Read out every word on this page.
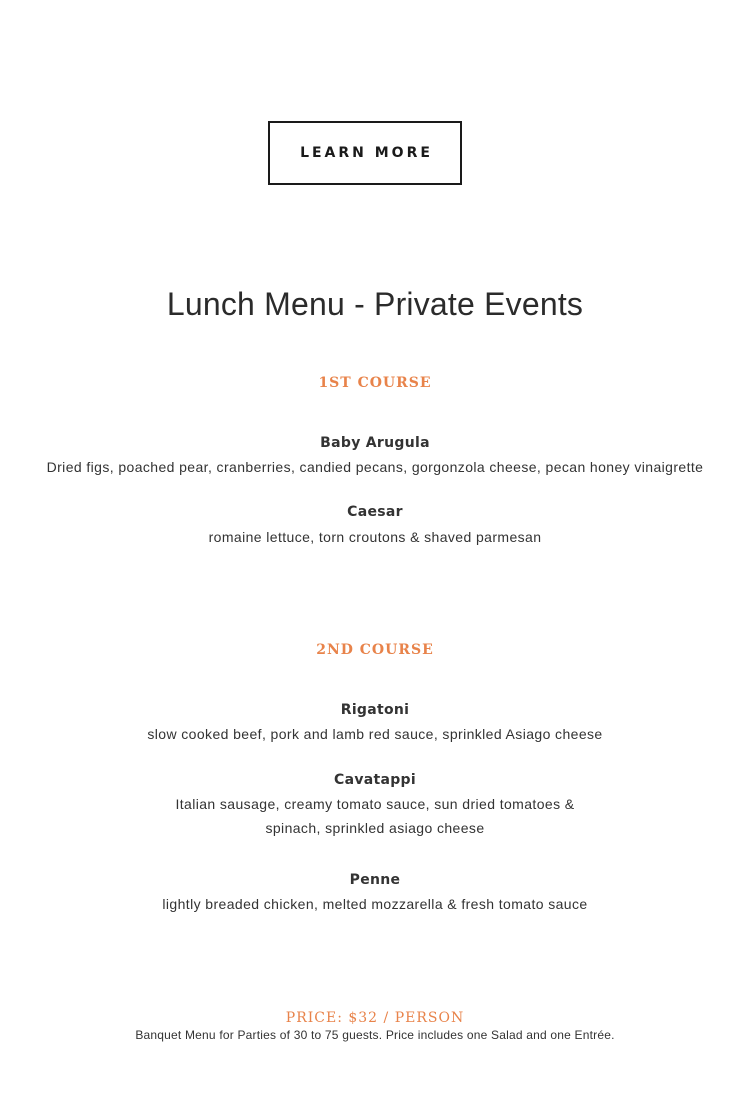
LEARN MORE
Lunch Menu - Private Events
1ST COURSE

Baby Arugula

Dried figs, poached pear, cranberries, candied pecans, gorgonzola cheese, pecan honey vinaigrette

Caesar

romaine lettuce, torn croutons & shaved parmesan

2ND COURSE

Rigatoni

slow cooked beef, pork and lamb red sauce, sprinkled Asiago cheese

Cavatappi

Italian sausage, creamy tomato sauce, sun dried tomatoes &

spinach, sprinkled asiago cheese

Penne

lightly breaded chicken, melted mozzarella & fresh tomato sauce

PRICE: $32 / PERSON

Banquet Menu for Parties of 30 to 75 guests. Price includes one Salad and one Entrée.
